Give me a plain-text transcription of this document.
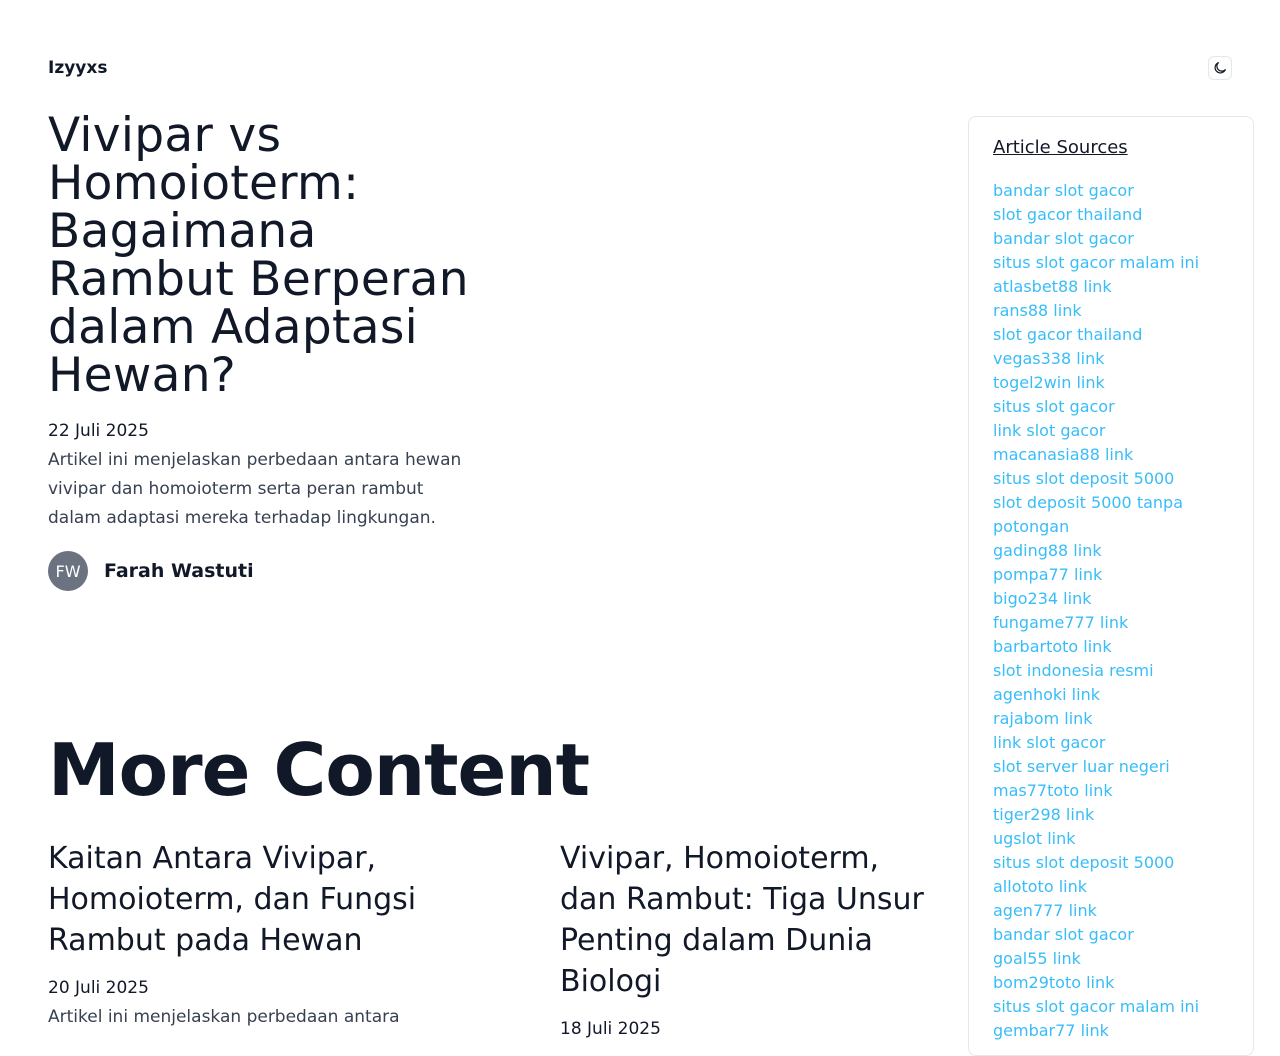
Izyyxs
Vivipar vs Homoioterm: Bagaimana Rambut Berperan dalam Adaptasi Hewan?
22 Juli 2025
Artikel ini menjelaskan perbedaan antara hewan vivipar dan homoioterm serta peran rambut dalam adaptasi mereka terhadap lingkungan.
FW	Farah Wastuti
More Content
Kaitan Antara Vivipar, Homoioterm, dan Fungsi Rambut pada Hewan
20 Juli 2025
Artikel ini menjelaskan perbedaan antara
Vivipar, Homoioterm, dan Rambut: Tiga Unsur Penting dalam Dunia Biologi
18 Juli 2025
Article Sources
bandar slot gacor
slot gacor thailand
bandar slot gacor
situs slot gacor malam ini
atlasbet88 link
rans88 link
slot gacor thailand
vegas338 link
togel2win link
situs slot gacor
link slot gacor
macanasia88 link
situs slot deposit 5000
slot deposit 5000 tanpa potongan
gading88 link
pompa77 link
bigo234 link
fungame777 link
barbartoto link
slot indonesia resmi
agenhoki link
rajabom link
link slot gacor
slot server luar negeri
mas77toto link
tiger298 link
ugslot link
situs slot deposit 5000
allototo link
agen777 link
bandar slot gacor
goal55 link
bom29toto link
situs slot gacor malam ini
gembar77 link
